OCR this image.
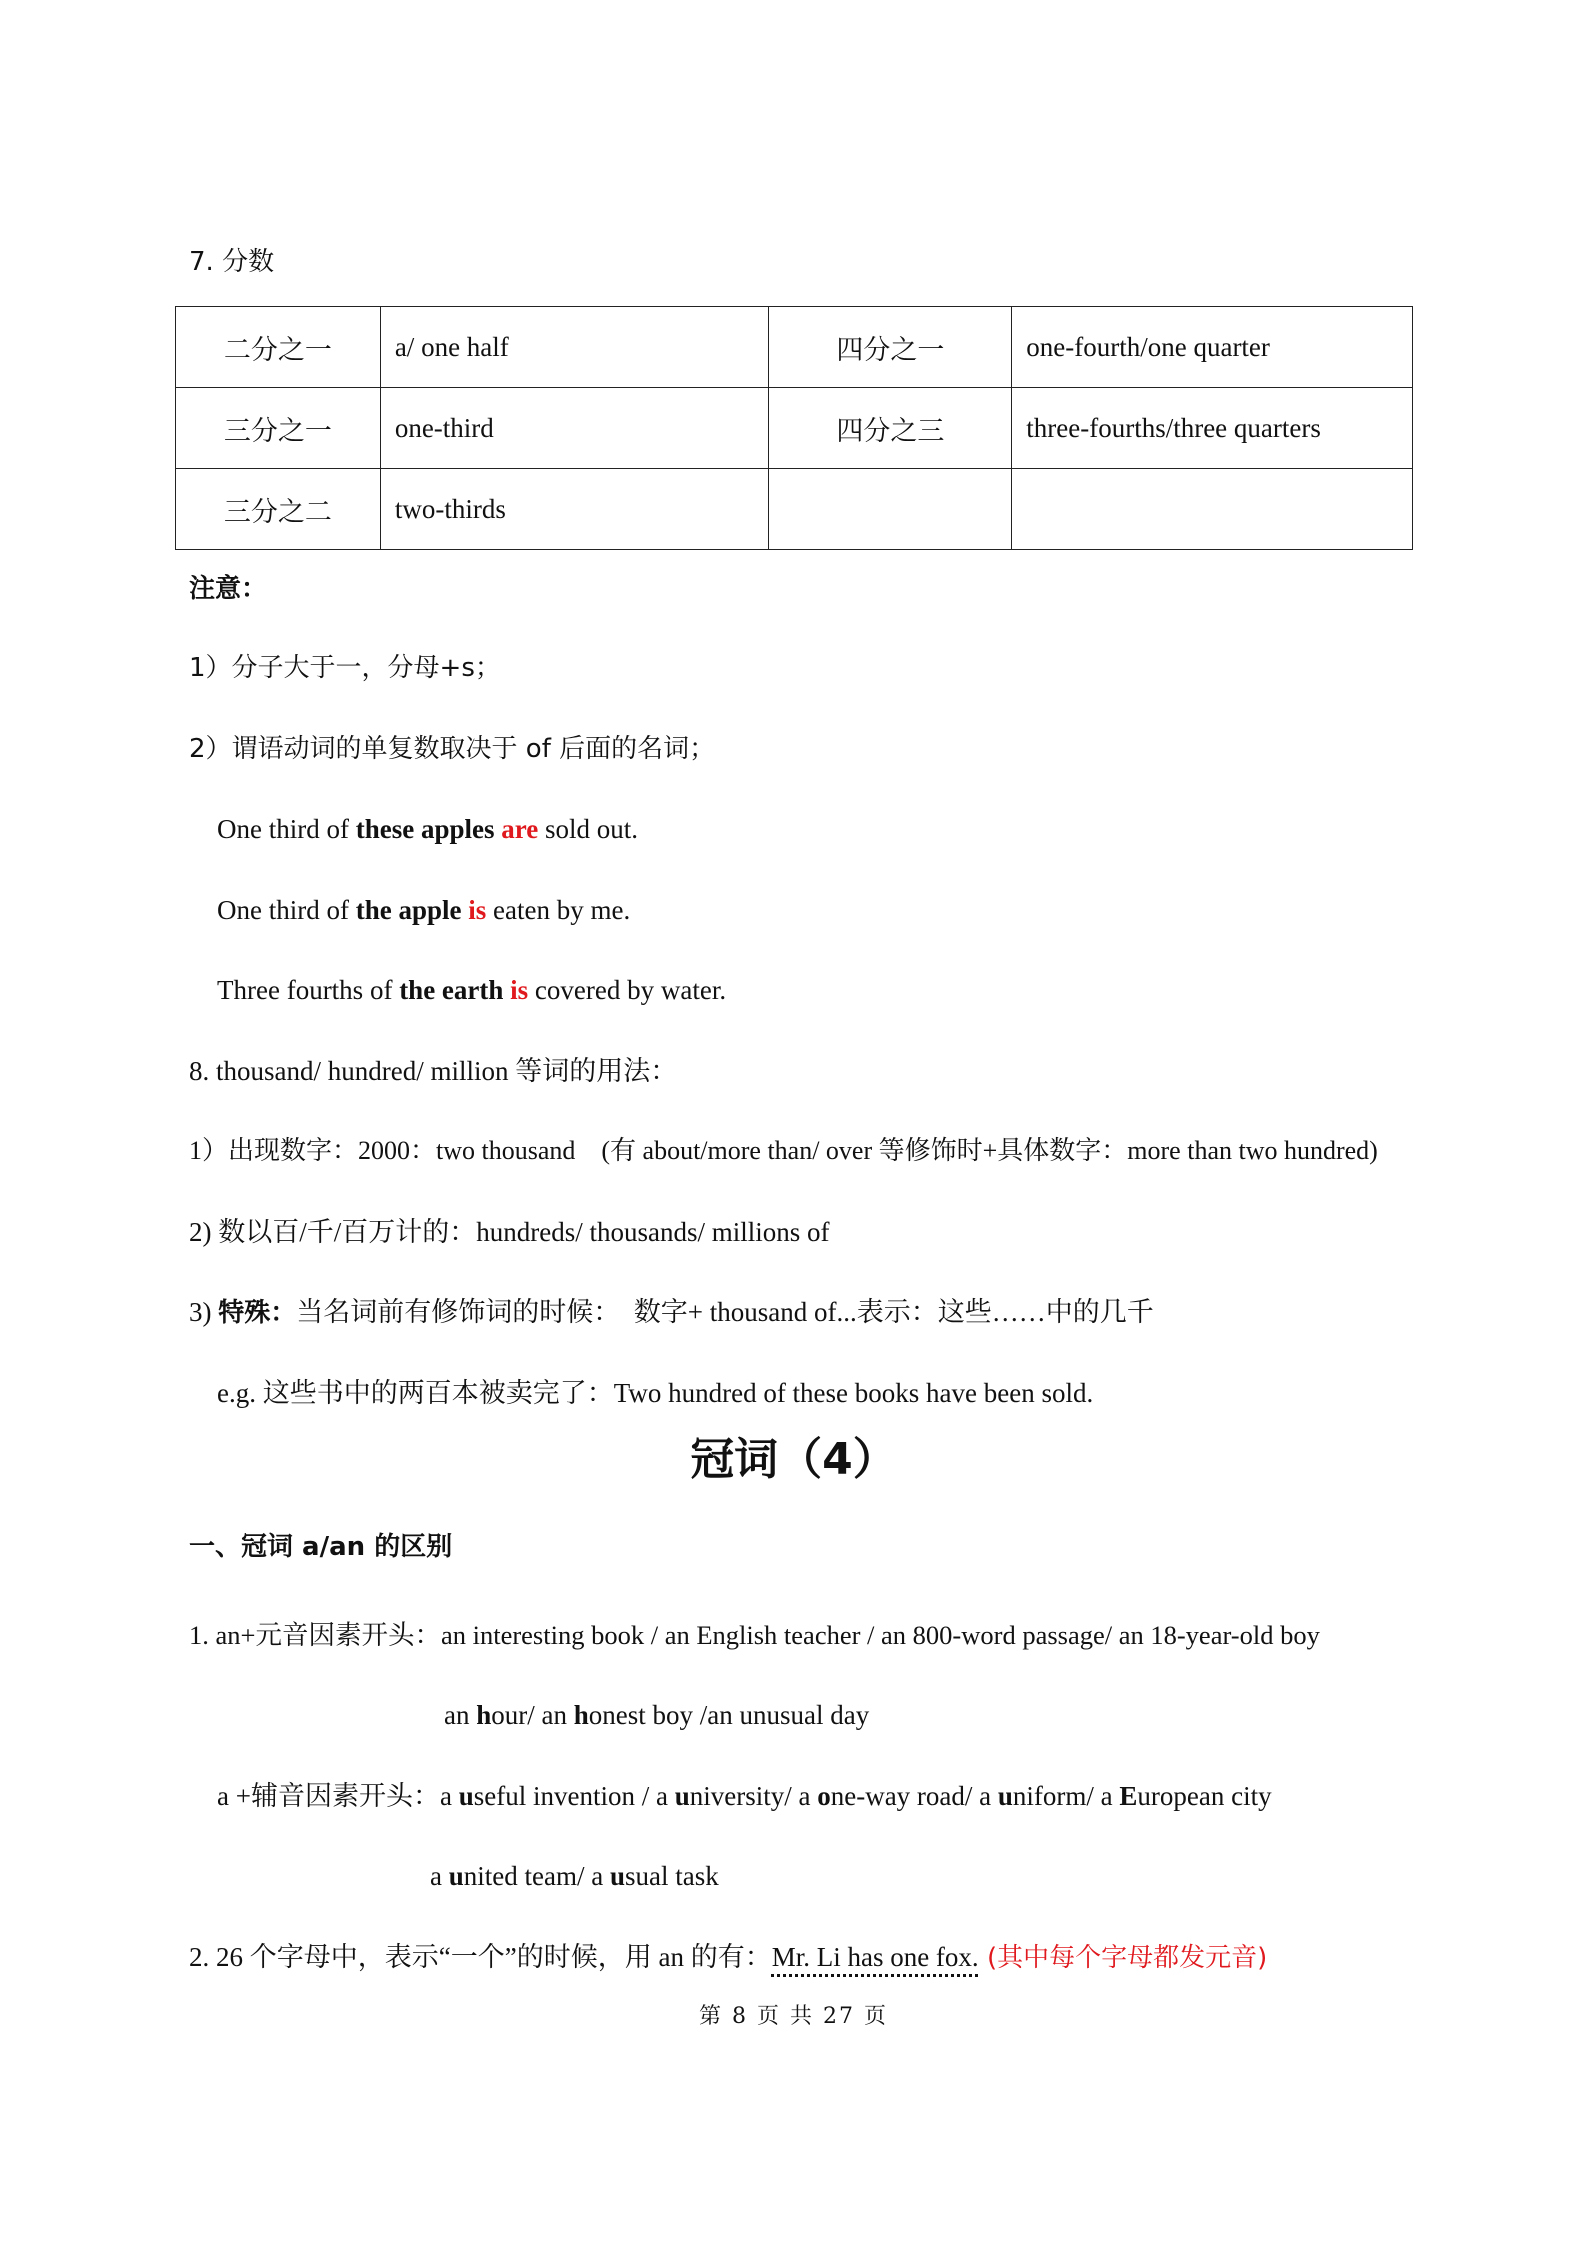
7. 分数
二分之一	a/ one half	四分之一	one-fourth/one quarter
三分之一	one-third	四分之三	three-fourths/three quarters
三分之二	two-thirds		
注意：
1）分子大于一，分母+s；
2）谓语动词的单复数取决于 of 后面的名词；
One third of these apples are sold out.
One third of the apple is eaten by me.
Three fourths of the earth is covered by water.
8. thousand/ hundred/ million 等词的用法：
1）出现数字：2000：two thousand　(有 about/more than/ over 等修饰时+具体数字：more than two hundred)
2) 数以百/千/百万计的：hundreds/ thousands/ millions of
3) 特殊：当名词前有修饰词的时候：　数字+ thousand of...表示：这些……中的几千
e.g. 这些书中的两百本被卖完了：Two hundred of these books have been sold.
冠词（4）
一、冠词 a/an 的区别
1. an+元音因素开头：an interesting book / an English teacher / an 800-word passage/ an 18-year-old boy
an hour/ an honest boy /an unusual day
a +辅音因素开头：a useful invention / a university/ a one-way road/ a uniform/ a European city
a united team/ a usual task
2. 26 个字母中，表示“一个”的时候，用 an 的有：Mr. Li has one fox. (其中每个字母都发元音)
第 8 页 共 27 页
